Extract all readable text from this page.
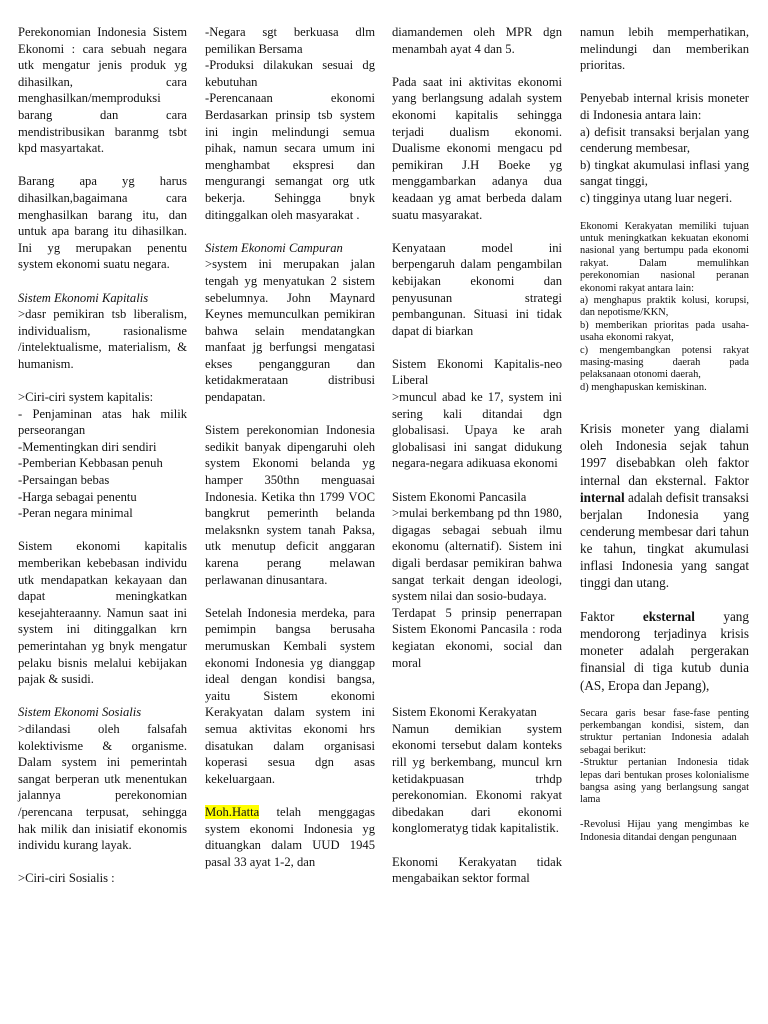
Perekonomian Indonesia Sistem Ekonomi : cara sebuah negara utk mengatur jenis produk yg dihasilkan, cara menghasilkan/memproduksi barang dan cara mendistribusikan baranmg tsbt kpd masyartakat.

Barang apa yg harus dihasilkan,bagaimana cara menghasilkan barang itu, dan untuk apa barang itu dihasilkan. Ini yg merupakan penentu system ekonomi suatu negara.

Sistem Ekonomi Kapitalis

>dasr pemikiran tsb liberalism, individualism, rasionalisme /intelektualisme, materialism, & humanism.

>Ciri-ciri system kapitalis:

- Penjaminan atas hak milik perseorangan

-Mementingkan diri sendiri

-Pemberian Kebbasan penuh

-Persaingan bebas

-Harga sebagai penentu

-Peran negara minimal

Sistem ekonomi kapitalis memberikan kebebasan individu utk mendapatkan kekayaan dan dapat meningkatkan kesejahteraanny. Namun saat ini system ini ditinggalkan krn pemerintahan yg bnyk mengatur pelaku bisnis melalui kebijakan pajak & susidi.

Sistem Ekonomi Sosialis

>dilandasi oleh falsafah kolektivisme & organisme. Dalam system ini pemerintah sangat berperan utk menentukan jalannya perekonomian /perencana terpusat, sehingga hak milik dan inisiatif ekonomis individu kurang layak.

>Ciri-ciri Sosialis :

-Negara sgt berkuasa dlm pemilikan Bersama

-Produksi dilakukan sesuai dg kebutuhan

-Perencanaan ekonomi Berdasarkan prinsip tsb system ini ingin melindungi semua pihak, namun secara umum ini menghambat ekspresi dan mengurangi semangat org utk bekerja. Sehingga bnyk ditinggalkan oleh masyarakat .

Sistem Ekonomi Campuran

>system ini merupakan jalan tengah yg menyatukan 2 sistem sebelumnya. John Maynard Keynes memunculkan pemikiran bahwa selain mendatangkan manfaat jg berfungsi mengatasi ekses pengangguran dan ketidakmerataan distribusi pendapatan.

Sistem perekonomian Indonesia sedikit banyak dipengaruhi oleh system Ekonomi belanda yg hamper 350thn menguasai Indonesia. Ketika thn 1799 VOC bangkrut pemerinth belanda melaksnkn system tanah Paksa, utk menutup deficit anggaran karena perang melawan perlawanan dinusantara.

Setelah Indonesia merdeka, para pemimpin bangsa berusaha merumuskan Kembali system ekonomi Indonesia yg dianggap ideal dengan kondisi bangsa, yaitu Sistem ekonomi Kerakyatan dalam system ini semua aktivitas ekonomi hrs disatukan dalam organisasi koperasi sesua dgn asas kekeluargaan.

Moh.Hatta telah menggagas system ekonomi Indonesia yg dituangkan dalam UUD 1945 pasal 33 ayat 1-2, dan

diamandemen oleh MPR dgn menambah ayat 4 dan 5.

Pada saat ini aktivitas ekonomi yang berlangsung adalah system ekonomi kapitalis sehingga terjadi dualism ekonomi. Dualisme ekonomi mengacu pd pemikiran J.H Boeke yg menggambarkan adanya dua keadaan yg amat berbeda dalam suatu masyarakat.

Kenyataan model ini berpengaruh dalam pengambilan kebijakan ekonomi dan penyusunan strategi pembangunan. Situasi ini tidak dapat di biarkan

Sistem Ekonomi Kapitalis-neo Liberal

>muncul abad ke 17, system ini sering kali ditandai dgn globalisasi. Upaya ke arah globalisasi ini sangat didukung negara-negara adikuasa ekonomi

Sistem Ekonomi Pancasila

>mulai berkembang pd thn 1980, digagas sebagai sebuah ilmu ekonomu (alternatif). Sistem ini digali berdasar pemikiran bahwa sangat terkait dengan ideologi, system nilai dan sosio-budaya.

Terdapat 5 prinsip penerrapan Sistem Ekonomi Pancasila : roda kegiatan ekonomi, social dan moral

Sistem Ekonomi Kerakyatan

Namun demikian system ekonomi tersebut dalam konteks rill yg berkembang, muncul krn ketidakpuasan trhdp perekonomian. Ekonomi rakyat dibedakan dari ekonomi konglomeratyg tidak kapitalistik.

Ekonomi Kerakyatan tidak mengabaikan sektor formal

namun lebih memperhatikan, melindungi dan memberikan prioritas.

Penyebab internal krisis moneter di Indonesia antara lain:

a) defisit transaksi berjalan yang cenderung membesar,

b) tingkat akumulasi inflasi yang sangat tinggi,

c) tingginya utang luar negeri.

Ekonomi Kerakyatan memiliki tujuan untuk meningkatkan kekuatan ekonomi nasional yang bertumpu pada ekonomi rakyat. Dalam memulihkan perekonomian nasional peranan ekonomi rakyat antara lain:

a) menghapus praktik kolusi, korupsi, dan nepotisme/KKN,

b) memberikan prioritas pada usaha-usaha ekonomi rakyat,

c) mengembangkan potensi rakyat masing-masing daerah pada pelaksanaan otonomi daerah,

d) menghapuskan kemiskinan.

Krisis moneter yang dialami oleh Indonesia sejak tahun 1997 disebabkan oleh faktor internal dan eksternal. Faktor internal adalah defisit transaksi berjalan Indonesia yang cenderung membesar dari tahun ke tahun, tingkat akumulasi inflasi Indonesia yang sangat tinggi dan utang.

Faktor eksternal yang mendorong terjadinya krisis moneter adalah pergerakan finansial di tiga kutub dunia (AS, Eropa dan Jepang),

Secara garis besar fase-fase penting perkembangan kondisi, sistem, dan struktur pertanian Indonesia adalah sebagai berikut:

-Struktur pertanian Indonesia tidak lepas dari bentukan proses kolonialisme bangsa asing yang berlangsung sangat lama

-Revolusi Hijau yang mengimbas ke Indonesia ditandai dengan pengunaan
